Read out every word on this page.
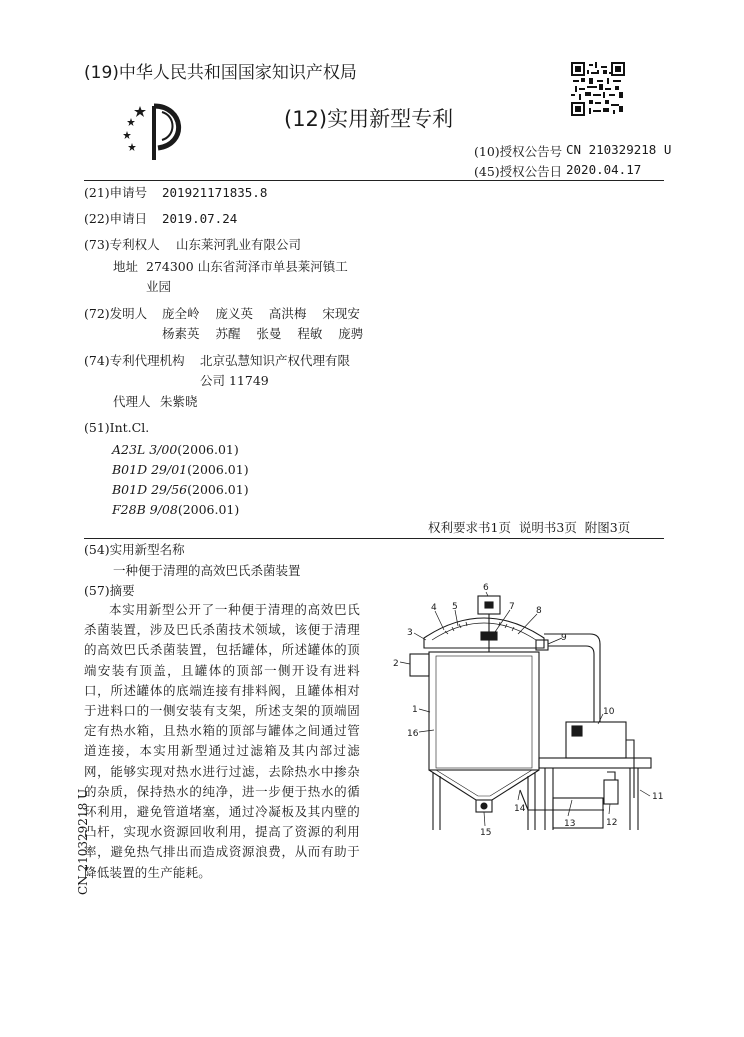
(19)中华人民共和国国家知识产权局
(12)实用新型专利
(10)授权公告号 CN 210329218 U
(45)授权公告日 2020.04.17
(21)申请号 201921171835.8
(22)申请日 2019.07.24
(73)专利权人 山东莱河乳业有限公司
地址 274300 山东省菏泽市单县莱河镇工
业园
(72)发明人 庞全岭  庞义英  高洪梅  宋现安
杨素英  苏醒  张曼  程敏  庞骋
(74)专利代理机构 北京弘慧知识产权代理有限
公司 11749
代理人 朱紫晓
(51)Int.Cl.
A23L 3/00(2006.01)
B01D 29/01(2006.01)
B01D 29/56(2006.01)
F28B 9/08(2006.01)
权利要求书1页  说明书3页  附图3页
(54)实用新型名称
一种便于清理的高效巴氏杀菌装置
(57)摘要
本实用新型公开了一种便于清理的高效巴氏杀菌装置，涉及巴氏杀菌技术领域，该便于清理的高效巴氏杀菌装置，包括罐体，所述罐体的顶端安装有顶盖，且罐体的顶部一侧开设有进料口，所述罐体的底端连接有排料阀，且罐体相对于进料口的一侧安装有支架，所述支架的顶端固定有热水箱，且热水箱的顶部与罐体之间通过管道连接，本实用新型通过过滤箱及其内部过滤网，能够实现对热水进行过滤，去除热水中掺杂的杂质，保持热水的纯净，进一步便于热水的循环利用，避免管道堵塞，通过冷凝板及其内壁的凸杆，实现水资源回收利用，提高了资源的利用率，避免热气排出而造成资源浪费，从而有助于降低装置的生产能耗。
CN 210329218 U
1
2
3
4 5
6
7 8
9
10
11
12
13
14
15
16
